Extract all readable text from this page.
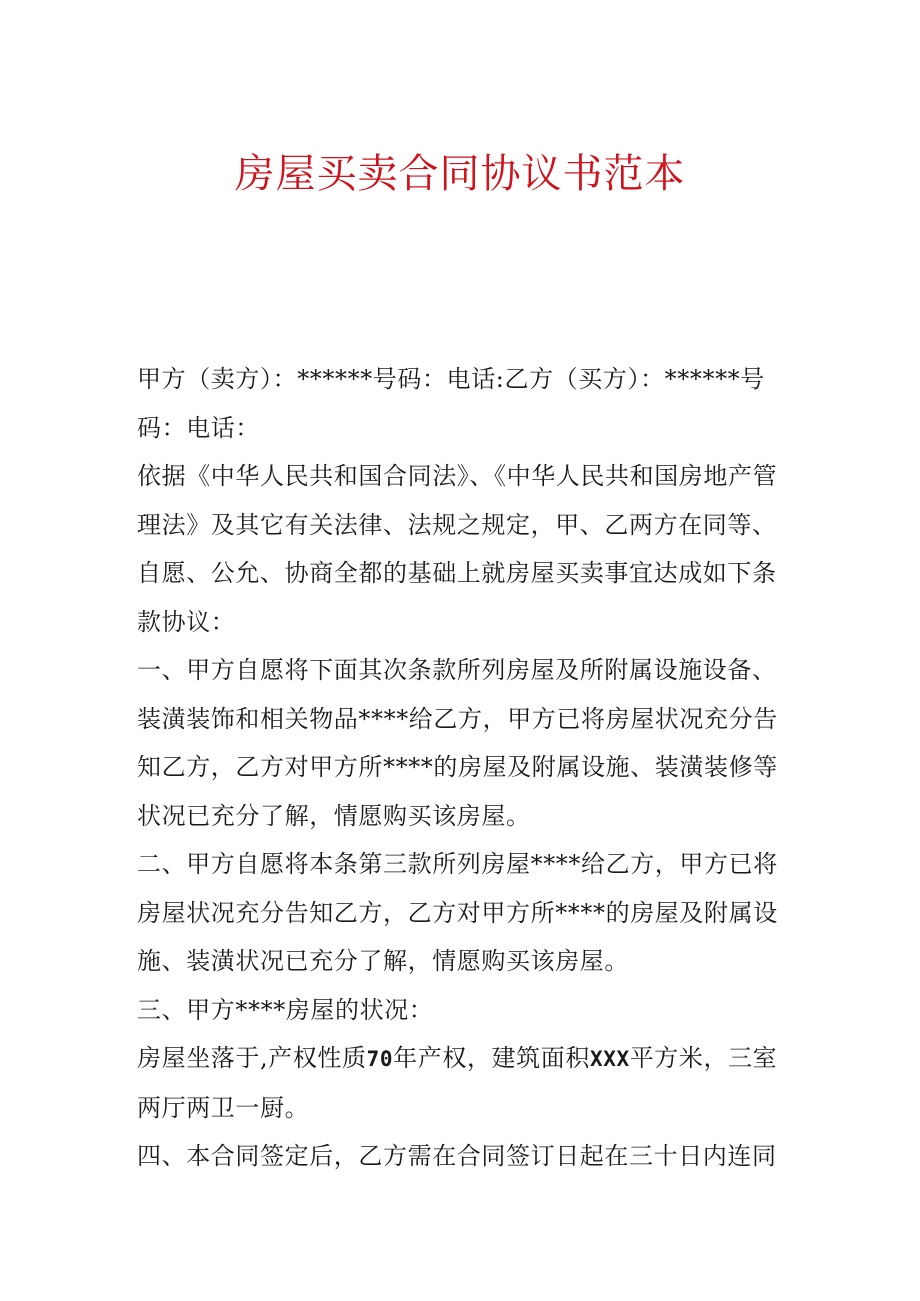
房屋买卖合同协议书范本

甲方（卖方）：******号码：电话:乙方（买方）：******号码：电话：

依据《中华人民共和国合同法》、《中华人民共和国房地产管理法》及其它有关法律、法规之规定，甲、乙两方在同等、自愿、公允、协商全都的基础上就房屋买卖事宜达成如下条款协议：

一、甲方自愿将下面其次条款所列房屋及所附属设施设备、装潢装饰和相关物品****给乙方，甲方已将房屋状况充分告知乙方，乙方对甲方所****的房屋及附属设施、装潢装修等状况已充分了解，情愿购买该房屋。

二、甲方自愿将本条第三款所列房屋****给乙方，甲方已将房屋状况充分告知乙方，乙方对甲方所****的房屋及附属设施、装潢状况已充分了解，情愿购买该房屋。

三、甲方****房屋的状况：

房屋坐落于,产权性质70年产权，建筑面积XXX平方米，三室两厅两卫一厨。

四、本合同签定后，乙方需在合同签订日起在三十日内连同
